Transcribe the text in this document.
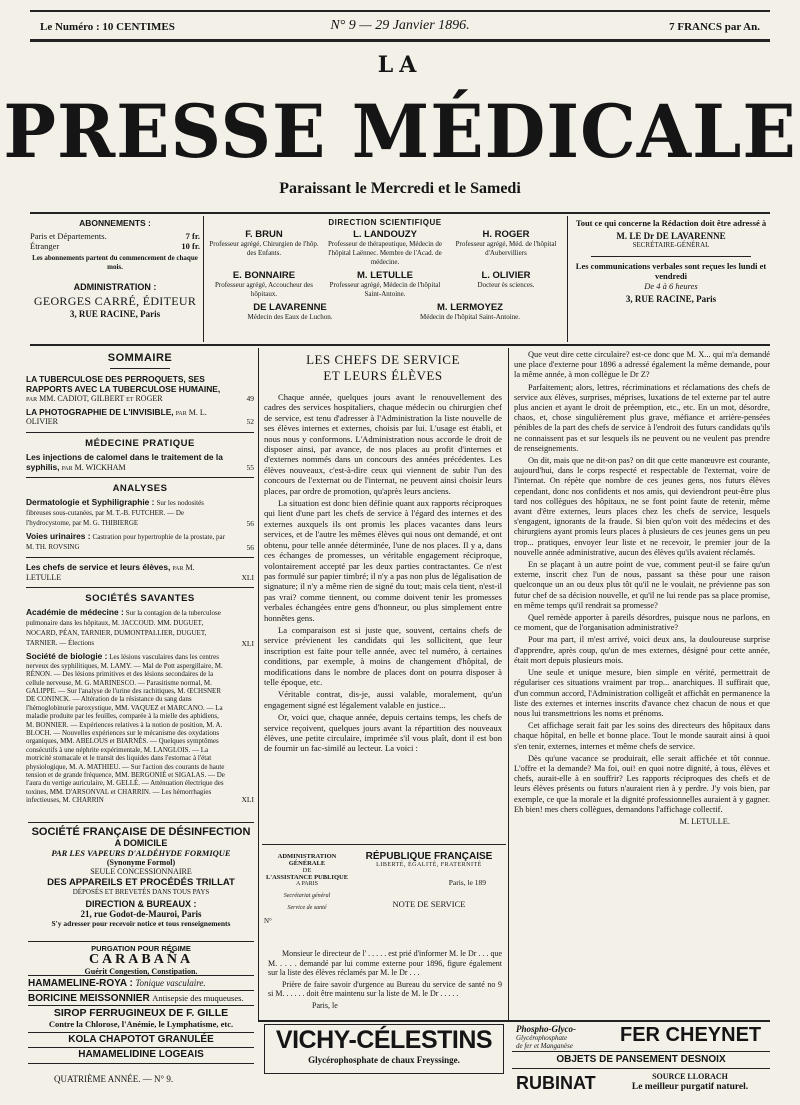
Le Numéro : 10 CENTIMES	N° 9 — 29 Janvier 1896.	7 FRANCS par An.
LA
PRESSE MÉDICALE
Paraissant le Mercredi et le Samedi
ABONNEMENTS :
Paris et Départements.	7 fr.
Étranger	10 fr.
Les abonnements partent du commencement de chaque mois.
ADMINISTRATION :
GEORGES CARRÉ, ÉDITEUR
3, RUE RACINE, Paris
DIRECTION SCIENTIFIQUE
F. BRUN
Professeur agrégé, Chirurgien de l'hôp. des Enfants.
L. LANDOUZY
Professeur de thérapeutique, Médecin de l'hôpital Laënnec. Membre de l'Acad. de médecine.
H. ROGER
Professeur agrégé, Méd. de l'hôpital d'Aubervilliers
E. BONNAIRE
Professeur agrégé, Accoucheur des hôpitaux.
M. LETULLE
Professeur agrégé, Médecin de l'hôpital Saint-Antoine.
L. OLIVIER
Docteur ès sciences.
DE LAVARENNE
Médecin des Eaux de Luchon.
M. LERMOYEZ
Médecin de l'hôpital Saint-Antoine.
Tout ce qui concerne la Rédaction doit être adressé à
M. LE Dr DE LAVARENNE
SECRÉTAIRE-GÉNÉRAL
Les communications verbales sont reçues les lundi et vendredi
De 4 à 6 heures
3, RUE RACINE, Paris
SOMMAIRE
LA TUBERCULOSE DES PERROQUETS, SES RAPPORTS AVEC LA TUBERCULOSE HUMAINE, par MM. CADIOT, GILBERT et ROGER	49
LA PHOTOGRAPHIE DE L'INVISIBLE, par M. L. OLIVIER	52
MÉDECINE PRATIQUE
Les injections de calomel dans le traitement de la syphilis, par M. WICKHAM	55
ANALYSES
Dermatologie et Syphiligraphie : Sur les nodosités fibreuses sous-cutanées, par M. T.-B. FUTCHER. — De l'hydrocystome, par M. G. THIBIERGE	56
Voies urinaires : Castration pour hypertrophie de la prostate, par M. TH. ROVSING	56
Les chefs de service et leurs élèves, par M. LETULLE	XLI
SOCIÉTÉS SAVANTES
Académie de médecine : Sur la contagion de la tuberculose pulmonaire dans les hôpitaux, M. JACCOUD. MM. DUGUET, NOCARD, PÉAN, TARNIER, DUMONTPALLIER, DUGUET, TARNIER. — Élections	XLI
Société de biologie : Les lésions vasculaires dans les centres nerveux des syphilitiques, M. LAMY. — Mal de Pott aspergillaire, M. RÉNON. — Des lésions primitives et des lésions secondaires de la cellule nerveuse, M. G. MARINESCO. — Parasitisme normal, M. GALIPPE. — Sur l'analyse de l'urine des rachitiques, M. ŒCHSNER DE CONINCK. — Altération de la résistance du sang dans l'hémoglobinurie paroxystique, MM. VAQUEZ et MARCANO. — La maladie produite par les feuilles, comparée à la mielle des aphidiens, M. BONNIER. — Expériences relatives à la notion de position, M. A. BLOCH. — Nouvelles expériences sur le mécanisme des oxydations organiques, MM. ABELOUS et BIARNÈS. — Quelques symptômes consécutifs à une néphrite expérimentale, M. LANGLOIS. — La motricité stomacale et le transit des liquides dans l'estomac à l'état physiologique, M. A. MATHIEU. — Sur l'action des courants de haute tension et de grande fréquence, MM. BERGONIÉ et SIGALAS. — De l'aura du vertige auriculaire, M. GELLÉ. — Atténuation électrique des toxines, MM. D'ARSONVAL et CHARRIN. — Les hémorrhagies infectieuses, M. CHARRIN	XLI
SOCIÉTÉ FRANÇAISE DE DÉSINFECTION
A DOMICILE
PAR LES VAPEURS D'ALDÉHYDE FORMIQUE
(Synonyme Formol)
SEULE CONCESSIONNAIRE
DES APPAREILS ET PROCÉDÉS TRILLAT
DÉPOSÉS ET BREVETÉS DANS TOUS PAYS
DIRECTION & BUREAUX :
21, rue Godot-de-Mauroi, Paris
S'y adresser pour recevoir notice et tous renseignements
PURGATION POUR RÉGIME
CARABAÑA
Guérit Congestion, Constipation.
HAMAMELINE-ROYA : Tonique vasculaire.
BORICINE MEISSONNIER Antisepsie des muqueuses.
SIROP FERRUGINEUX DE F. GILLE
Contre la Chlorose, l'Anémie, le Lymphatisme, etc.
KOLA CHAPOTOT GRANULÉE
HAMAMELIDINE LOGEAIS
QUATRIÈME ANNÉE. — N° 9.
LES CHEFS DE SERVICE
ET LEURS ÉLÈVES

Chaque année, quelques jours avant le renouvellement des cadres des services hospitaliers, chaque médecin ou chirurgien chef de service, est tenu d'adresser à l'Administration la liste nouvelle de ses élèves internes et externes, choisis par lui. L'usage est établi, et nous nous y conformons. L'Administration nous accorde le droit de disposer ainsi, par avance, de nos places au profit d'internes et d'externes nommés dans un concours des années précédentes. Les élèves nouveaux, c'est-à-dire ceux qui viennent de subir l'un des concours de l'externat ou de l'internat, ne peuvent ainsi choisir leurs places, par ordre de promotion, qu'après leurs anciens.

La situation est donc bien définie quant aux rapports réciproques qui lient d'une part les chefs de service à l'égard des internes et des externes auxquels ils ont promis les places vacantes dans leurs services, et de l'autre les mêmes élèves qui nous ont demandé, et ont obtenu, pour telle année déterminée, l'une de nos places. Il y a, dans ces échanges de promesses, un véritable engagement réciproque, volontairement accepté par les deux parties contractantes. Ce n'est pas formulé sur papier timbré; il n'y a pas non plus de légalisation de signature; il n'y a même rien de signé du tout; mais cela tient, n'est-il pas vrai? comme tiennent, ou comme doivent tenir les promesses verbales échangées entre gens d'honneur, ou plus simplement entre honnêtes gens.

La comparaison est si juste que, souvent, certains chefs de service prévienent les candidats qui les sollicitent, que leur inscription est faite pour telle année, avec tel numéro, à certaines conditions, par exemple, à moins de changement d'hôpital, de modifications dans le nombre de places dont on pourra disposer à telle époque, etc.

Véritable contrat, dis-je, aussi valable, moralement, qu'un engagement signé est légalement valable en justice...

Or, voici que, chaque année, depuis certains temps, les chefs de service reçoivent, quelques jours avant la répartition des nouveaux élèves, une petite circulaire, imprimée s'il vous plaît, dont il est bon de fournir un fac-similé au lecteur. La voici :

ADMINISTRATION GÉNÉRALE
DE
L'ASSISTANCE PUBLIQUE
A PARIS
Secrétariat général
Service de santé
N°
RÉPUBLIQUE FRANÇAISE
LIBERTÉ, ÉGALITÉ, FRATERNITÉ
Paris, le 189
NOTE DE SERVICE

Monsieur le directeur de l' . . . . . est prié d'informer M. le Dr . . . que M. . . . . demandé par lui comme externe pour 1896, figure également sur la liste des élèves réclamés par M. le Dr . . .

Prière de faire savoir d'urgence au Bureau du service de santé no 9 si M. . . . . . doit être maintenu sur la liste de M. le Dr . . . . .

Paris, le

Que veut dire cette circulaire? est-ce donc que M. X... qui m'a demandé une place d'externe pour 1896 a adressé également la même demande, pour la même année, à mon collègue le Dr Z?

Parfaitement; alors, lettres, récriminations et réclamations des chefs de service aux élèves, surprises, méprises, luxations de tel externe par tel autre plus ancien et ayant le droit de préemption, etc., etc. En un mot, désordre, chaos, et, chose singulièrement plus grave, méfiance et arrière-pensées pénibles de la part des chefs de service à l'endroit des futurs candidats qu'ils ne connaissent pas et sur lesquels ils ne peuvent ou ne veulent pas prendre de renseignements.

On dit, mais que ne dit-on pas? on dit que cette manœuvre est courante, aujourd'hui, dans le corps respecté et respectable de l'externat, voire de l'internat. On répète que nombre de ces jeunes gens, nos futurs élèves cependant, donc nos confidents et nos amis, qui deviendront peut-être plus tard nos collègues des hôpitaux, ne se font point faute de retenir, même avant d'être externes, leurs places chez les chefs de service, lesquels s'engagent, ignorants de la fraude. Si bien qu'on voit des médecins et des chirurgiens ayant promis leurs places à plusieurs de ces jeunes gens un peu trop... pratiques, envoyer leur liste et ne recevoir, le premier jour de la nouvelle année administrative, aucun des élèves qu'ils avaient réclamés.

En se plaçant à un autre point de vue, comment peut-il se faire qu'un externe, inscrit chez l'un de nous, passant sa thèse pour une raison quelconque un an ou deux plus tôt qu'il ne le voulait, ne prévienne pas son futur chef de sa décision nouvelle, et qu'il ne lui rende pas sa place promise, en même temps qu'il rendrait sa promesse?

Quel remède apporter à pareils désordres, puisque nous ne parlons, en ce moment, que de l'organisation administrative?

Pour ma part, il m'est arrivé, voici deux ans, la douloureuse surprise d'apprendre, après coup, qu'un de mes externes, désigné pour cette année, était mort depuis plusieurs mois.

Une seule et unique mesure, bien simple en vérité, permettrait de régulariser ces situations vraiment par trop... anarchiques. Il suffirait que, d'un commun accord, l'Administration colligeât et affichât en permanence la liste des externes et internes inscrits d'avance chez chacun de nous et que nous lui transmettrions les noms et prénoms.

Cet affichage serait fait par les soins des directeurs des hôpitaux dans chaque hôpital, en belle et bonne place. Tout le monde saurait ainsi à quoi s'en tenir, externes, internes et même chefs de service.

Dès qu'une vacance se produirait, elle serait affichée et tôt connue. L'offre et la demande? Ma foi, oui! en quoi notre dignité, à tous, élèves et chefs, aurait-elle à en souffrir? Les rapports réciproques des chefs et de leurs élèves présents ou futurs n'auraient rien à y perdre. J'y vois bien, par exemple, ce que la morale et la dignité professionnelles auraient à y gagner. Eh bien! mes chers collègues, demandons l'affichage collectif.

M. LETULLE.
VICHY-CÉLESTINS
Glycérophosphate de chaux Freyssinge.
Phospho-Glyco-
Glycérophosphate
de fer et Manganèse	FER CHEYNET
OBJETS DE PANSEMENT DESNOIX
RUBINAT	SOURCE LLORACH
Le meilleur purgatif naturel.
